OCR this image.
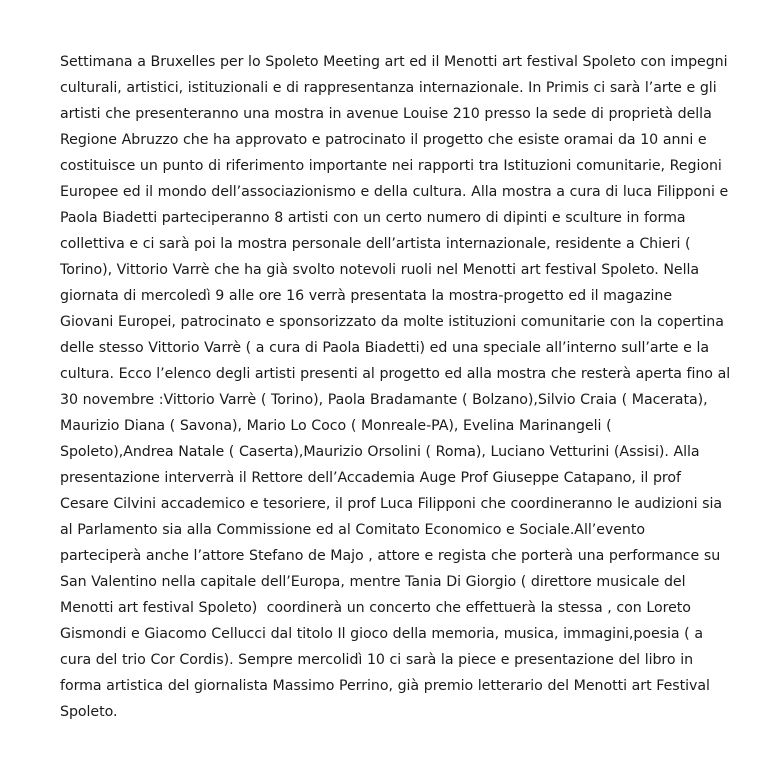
Settimana a Bruxelles per lo Spoleto Meeting art ed il Menotti art festival Spoleto con impegni
culturali, artistici, istituzionali e di rappresentanza internazionale. In Primis ci sarà l’arte e gli
artisti che presenteranno una mostra in avenue Louise 210 presso la sede di proprietà della
Regione Abruzzo che ha approvato e patrocinato il progetto che esiste oramai da 10 anni e
costituisce un punto di riferimento importante nei rapporti tra Istituzioni comunitarie, Regioni
Europee ed il mondo dell’associazionismo e della cultura. Alla mostra a cura di luca Filipponi e
Paola Biadetti parteciperanno 8 artisti con un certo numero di dipinti e sculture in forma
collettiva e ci sarà poi la mostra personale dell’artista internazionale, residente a Chieri (
Torino), Vittorio Varrè che ha già svolto notevoli ruoli nel Menotti art festival Spoleto. Nella
giornata di mercoledì 9 alle ore 16 verrà presentata la mostra-progetto ed il magazine
Giovani Europei, patrocinato e sponsorizzato da molte istituzioni comunitarie con la copertina
delle stesso Vittorio Varrè ( a cura di Paola Biadetti) ed una speciale all’interno sull’arte e la
cultura. Ecco l’elenco degli artisti presenti al progetto ed alla mostra che resterà aperta fino al
30 novembre :Vittorio Varrè ( Torino), Paola Bradamante ( Bolzano),Silvio Craia ( Macerata),
Maurizio Diana ( Savona), Mario Lo Coco ( Monreale-PA), Evelina Marinangeli (
Spoleto),Andrea Natale ( Caserta),Maurizio Orsolini ( Roma), Luciano Vetturini (Assisi). Alla
presentazione interverrà il Rettore dell’Accademia Auge Prof Giuseppe Catapano, il prof
Cesare Cilvini accademico e tesoriere, il prof Luca Filipponi che coordineranno le audizioni sia
al Parlamento sia alla Commissione ed al Comitato Economico e Sociale.All’evento
parteciperà anche l’attore Stefano de Majo , attore e regista che porterà una performance su
San Valentino nella capitale dell’Europa, mentre Tania Di Giorgio ( direttore musicale del
Menotti art festival Spoleto)  coordinerà un concerto che effettuerà la stessa , con Loreto
Gismondi e Giacomo Cellucci dal titolo Il gioco della memoria, musica, immagini,poesia ( a
cura del trio Cor Cordis). Sempre mercolidì 10 ci sarà la piece e presentazione del libro in
forma artistica del giornalista Massimo Perrino, già premio letterario del Menotti art Festival
Spoleto.
